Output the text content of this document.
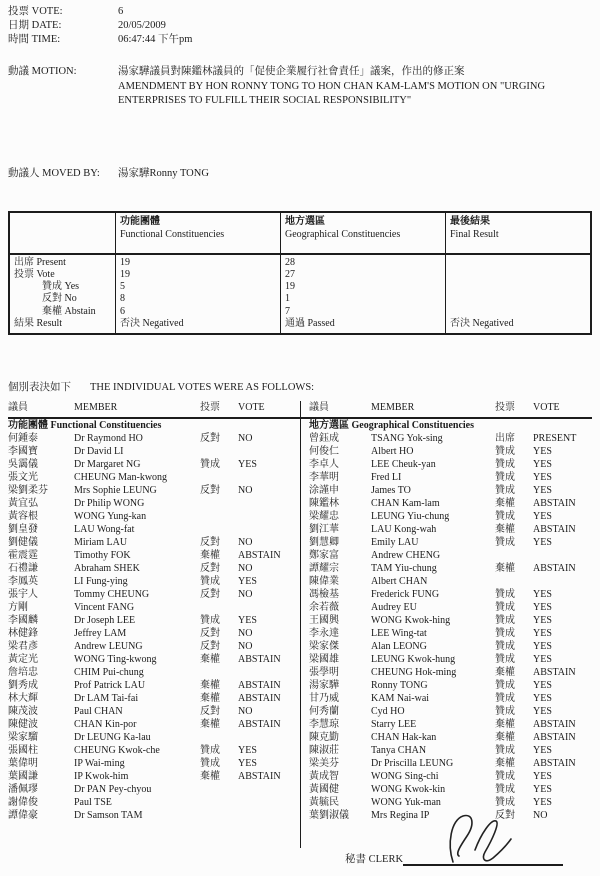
投票 VOTE:	6
日期 DATE:	20/05/2009
時間 TIME:	06:47:44 下午pm
動議 MOTION:	湯家驊議員對陳鑑林議員的「促使企業履行社會責任」議案，作出的修正案
AMENDMENT BY HON RONNY TONG TO HON CHAN KAM-LAM'S MOTION ON "URGING ENTERPRISES TO FULFILL THEIR SOCIAL RESPONSIBILITY"
動議人 MOVED BY:	湯家驊Ronny TONG
功能團體
Functional Constituencies
地方選區
Geographical Constituencies
最後結果
Final Result
出席 Present	19	28
投票 Vote	19	27
贊成 Yes	5	19
反對 No	8	1
棄權 Abstain	6	7
結果 Result	否決 Negatived	通過 Passed	否決 Negatived
個別表決如下	THE INDIVIDUAL VOTES WERE AS FOLLOWS:
議員	MEMBER	投票	VOTE	議員	MEMBER	投票	VOTE
功能團體 Functional Constituencies
何鍾泰	Dr Raymond HO	反對	NO
李國寶	Dr David LI
吳靄儀	Dr Margaret NG	贊成	YES
張文光	CHEUNG Man-kwong
梁劉柔芬	Mrs Sophie LEUNG	反對	NO
黃宜弘	Dr Philip WONG
黃容根	WONG Yung-kan
劉皇發	LAU Wong-fat
劉健儀	Miriam LAU	反對	NO
霍震霆	Timothy FOK	棄權	ABSTAIN
石禮謙	Abraham SHEK	反對	NO
李鳳英	LI Fung-ying	贊成	YES
張宇人	Tommy CHEUNG	反對	NO
方剛	Vincent FANG
李國麟	Dr Joseph LEE	贊成	YES
林健鋒	Jeffrey LAM	反對	NO
梁君彥	Andrew LEUNG	反對	NO
黃定光	WONG Ting-kwong	棄權	ABSTAIN
詹培忠	CHIM Pui-chung
劉秀成	Prof Patrick LAU	棄權	ABSTAIN
林大輝	Dr LAM Tai-fai	棄權	ABSTAIN
陳茂波	Paul CHAN	反對	NO
陳健波	CHAN Kin-por	棄權	ABSTAIN
梁家騮	Dr LEUNG Ka-lau
張國柱	CHEUNG Kwok-che	贊成	YES
葉偉明	IP Wai-ming	贊成	YES
葉國謙	IP Kwok-him	棄權	ABSTAIN
潘佩璆	Dr PAN Pey-chyou
謝偉俊	Paul TSE
譚偉豪	Dr Samson TAM
地方選區 Geographical Constituencies
曾鈺成	TSANG Yok-sing	出席	PRESENT
何俊仁	Albert HO	贊成	YES
李卓人	LEE Cheuk-yan	贊成	YES
李華明	Fred LI	贊成	YES
涂謹申	James TO	贊成	YES
陳鑑林	CHAN Kam-lam	棄權	ABSTAIN
梁耀忠	LEUNG Yiu-chung	贊成	YES
劉江華	LAU Kong-wah	棄權	ABSTAIN
劉慧卿	Emily LAU	贊成	YES
鄭家富	Andrew CHENG
譚耀宗	TAM Yiu-chung	棄權	ABSTAIN
陳偉業	Albert CHAN
馮檢基	Frederick FUNG	贊成	YES
余若薇	Audrey EU	贊成	YES
王國興	WONG Kwok-hing	贊成	YES
李永達	LEE Wing-tat	贊成	YES
梁家傑	Alan LEONG	贊成	YES
梁國雄	LEUNG Kwok-hung	贊成	YES
張學明	CHEUNG Hok-ming	棄權	ABSTAIN
湯家驊	Ronny TONG	贊成	YES
甘乃威	KAM Nai-wai	贊成	YES
何秀蘭	Cyd HO	贊成	YES
李慧琼	Starry LEE	棄權	ABSTAIN
陳克勤	CHAN Hak-kan	棄權	ABSTAIN
陳淑莊	Tanya CHAN	贊成	YES
梁美芬	Dr Priscilla LEUNG	棄權	ABSTAIN
黃成智	WONG Sing-chi	贊成	YES
黃國健	WONG Kwok-kin	贊成	YES
黃毓民	WONG Yuk-man	贊成	YES
葉劉淑儀	Mrs Regina IP	反對	NO
秘書 CLERK
